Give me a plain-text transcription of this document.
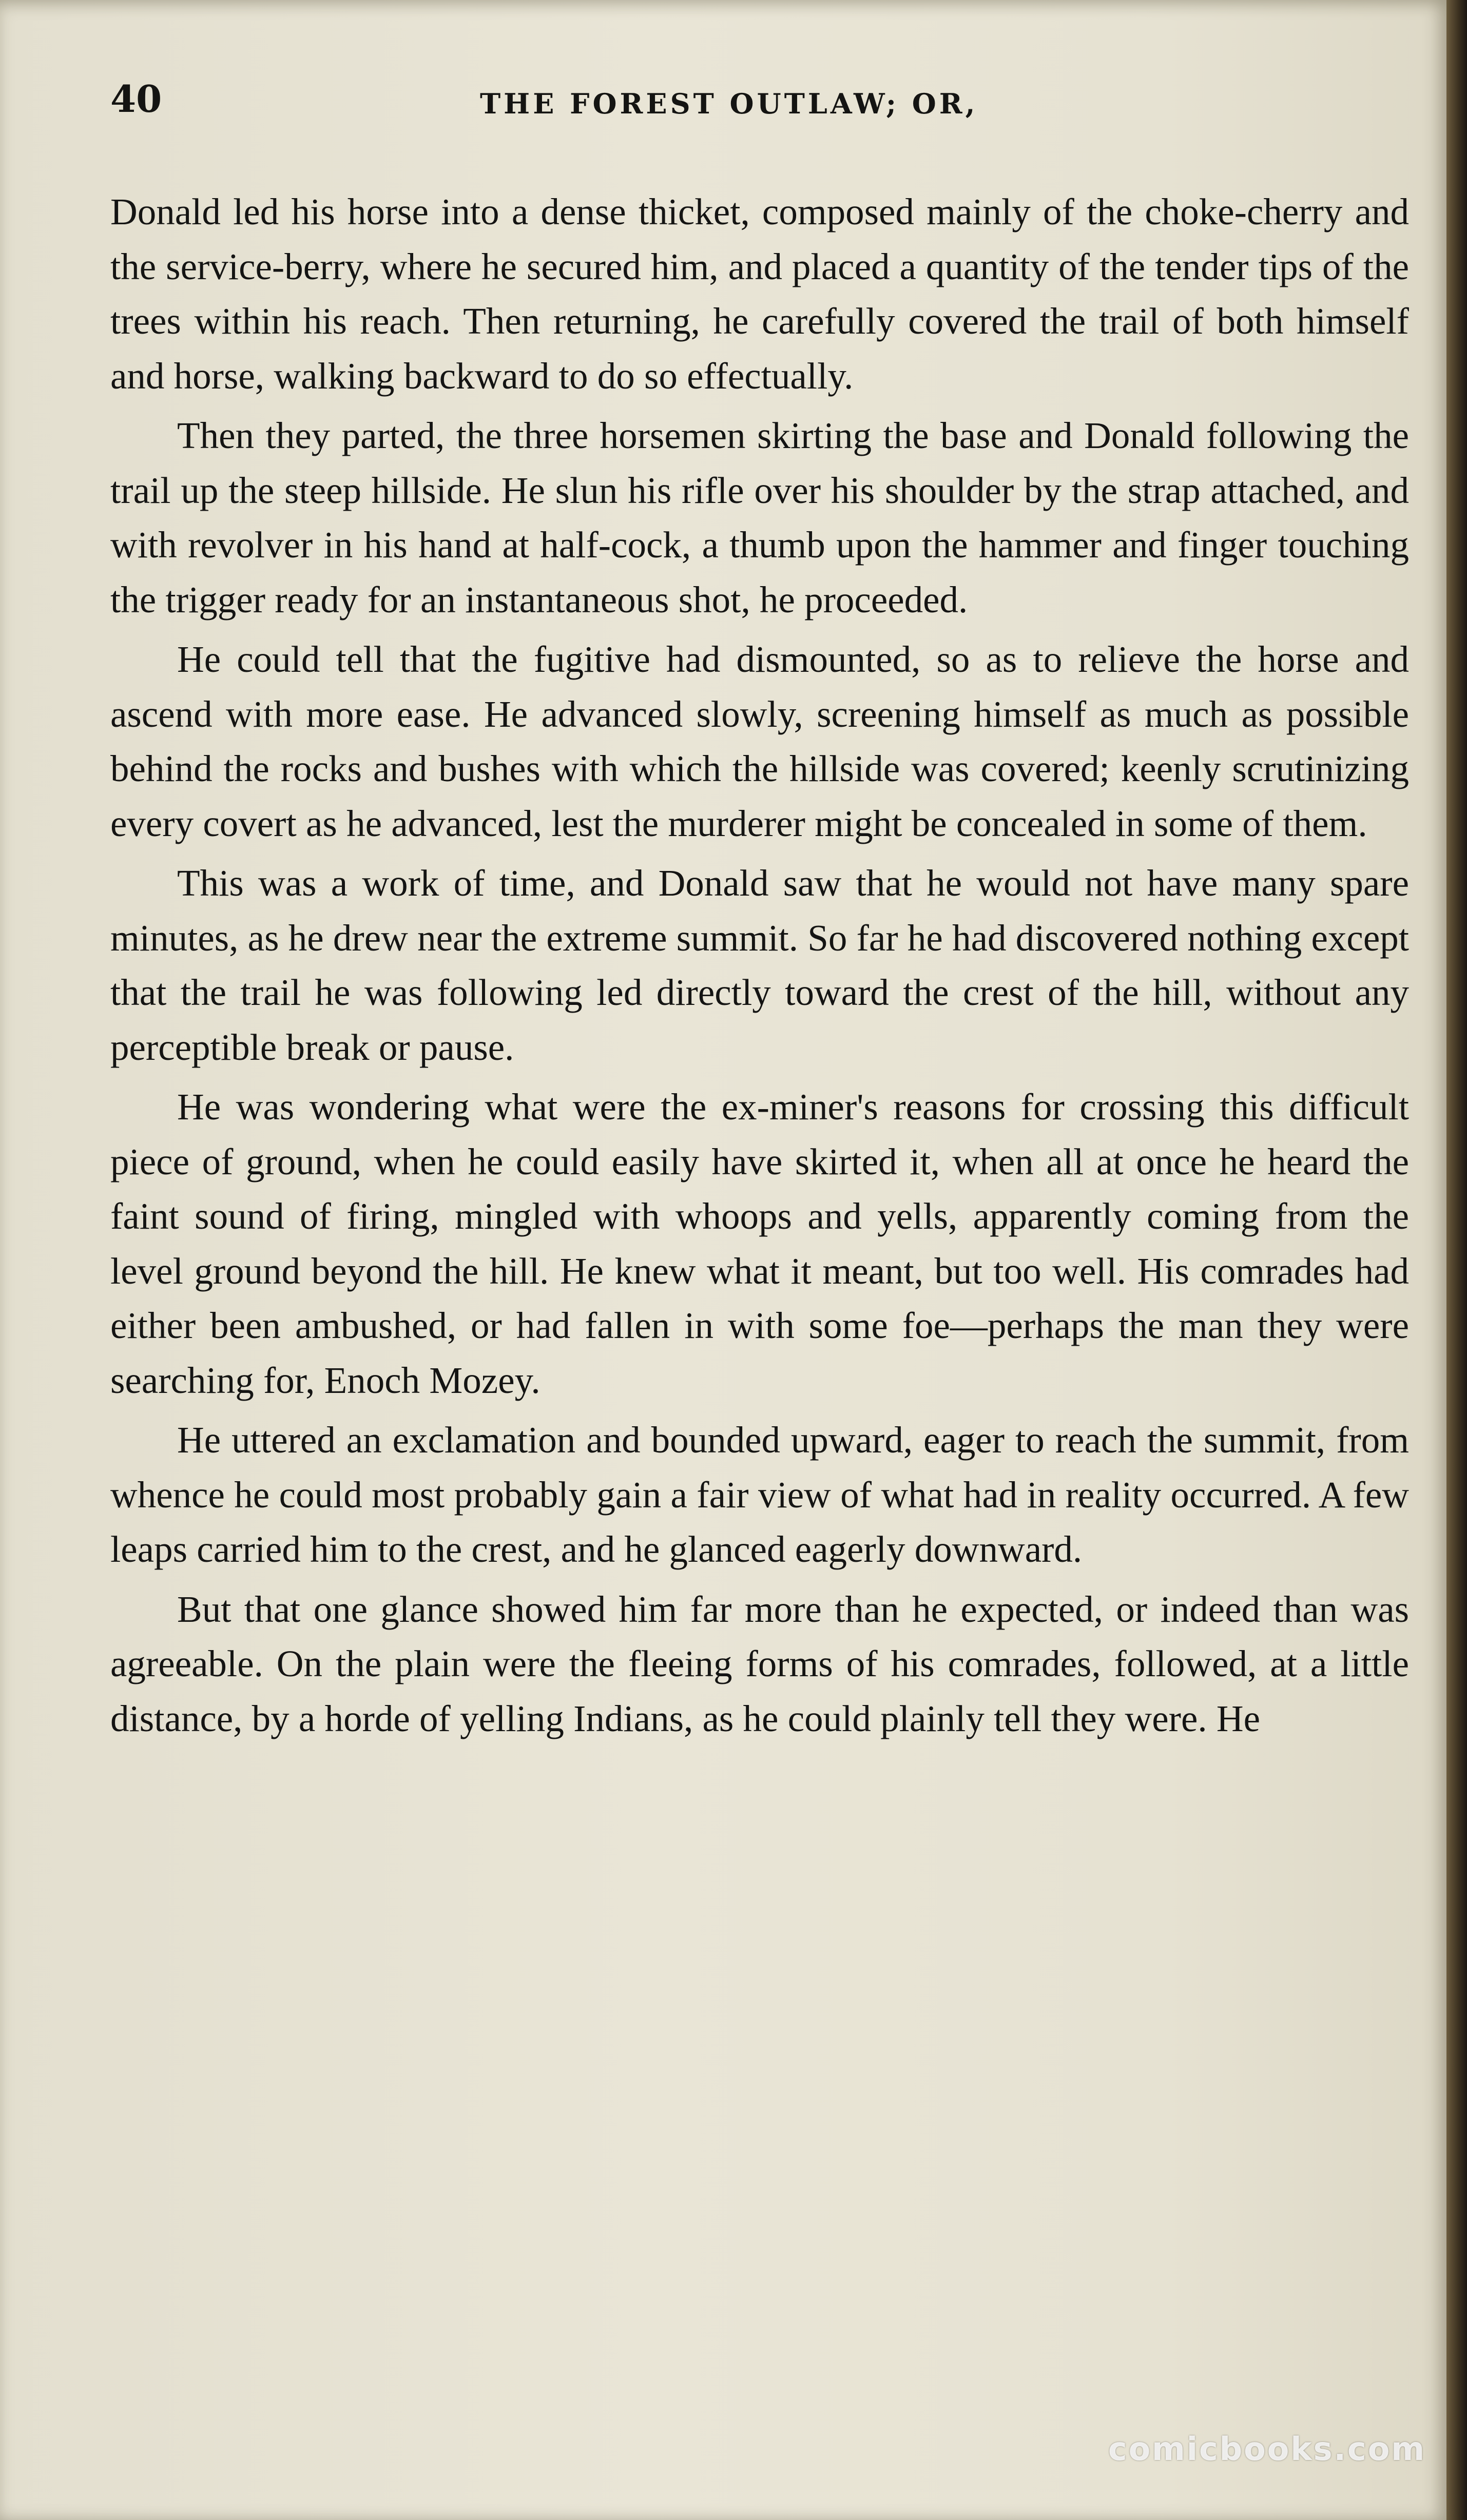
40	THE FOREST OUTLAW; OR,

Donald led his horse into a dense thicket, composed mainly of the choke-cherry and the service-berry, where he secured him, and placed a quantity of the tender tips of the trees within his reach. Then returning, he carefully covered the trail of both himself and horse, walking backward to do so effectually.

Then they parted, the three horsemen skirting the base and Donald following the trail up the steep hillside. He slun his rifle over his shoulder by the strap attached, and with revolver in his hand at half-cock, a thumb upon the hammer and finger touching the trigger ready for an instantaneous shot, he proceeded.

He could tell that the fugitive had dismounted, so as to relieve the horse and ascend with more ease. He advanced slowly, screening himself as much as possible behind the rocks and bushes with which the hillside was covered; keenly scrutinizing every covert as he advanced, lest the murderer might be concealed in some of them.

This was a work of time, and Donald saw that he would not have many spare minutes, as he drew near the extreme summit. So far he had discovered nothing except that the trail he was following led directly toward the crest of the hill, without any perceptible break or pause.

He was wondering what were the ex-miner's reasons for crossing this difficult piece of ground, when he could easily have skirted it, when all at once he heard the faint sound of firing, mingled with whoops and yells, apparently coming from the level ground beyond the hill. He knew what it meant, but too well. His comrades had either been ambushed, or had fallen in with some foe—perhaps the man they were searching for, Enoch Mozey.

He uttered an exclamation and bounded upward, eager to reach the summit, from whence he could most probably gain a fair view of what had in reality occurred. A few leaps carried him to the crest, and he glanced eagerly downward.

But that one glance showed him far more than he expected, or indeed than was agreeable. On the plain were the fleeing forms of his comrades, followed, at a little distance, by a horde of yelling Indians, as he could plainly tell they were. He

comicbooks.com
